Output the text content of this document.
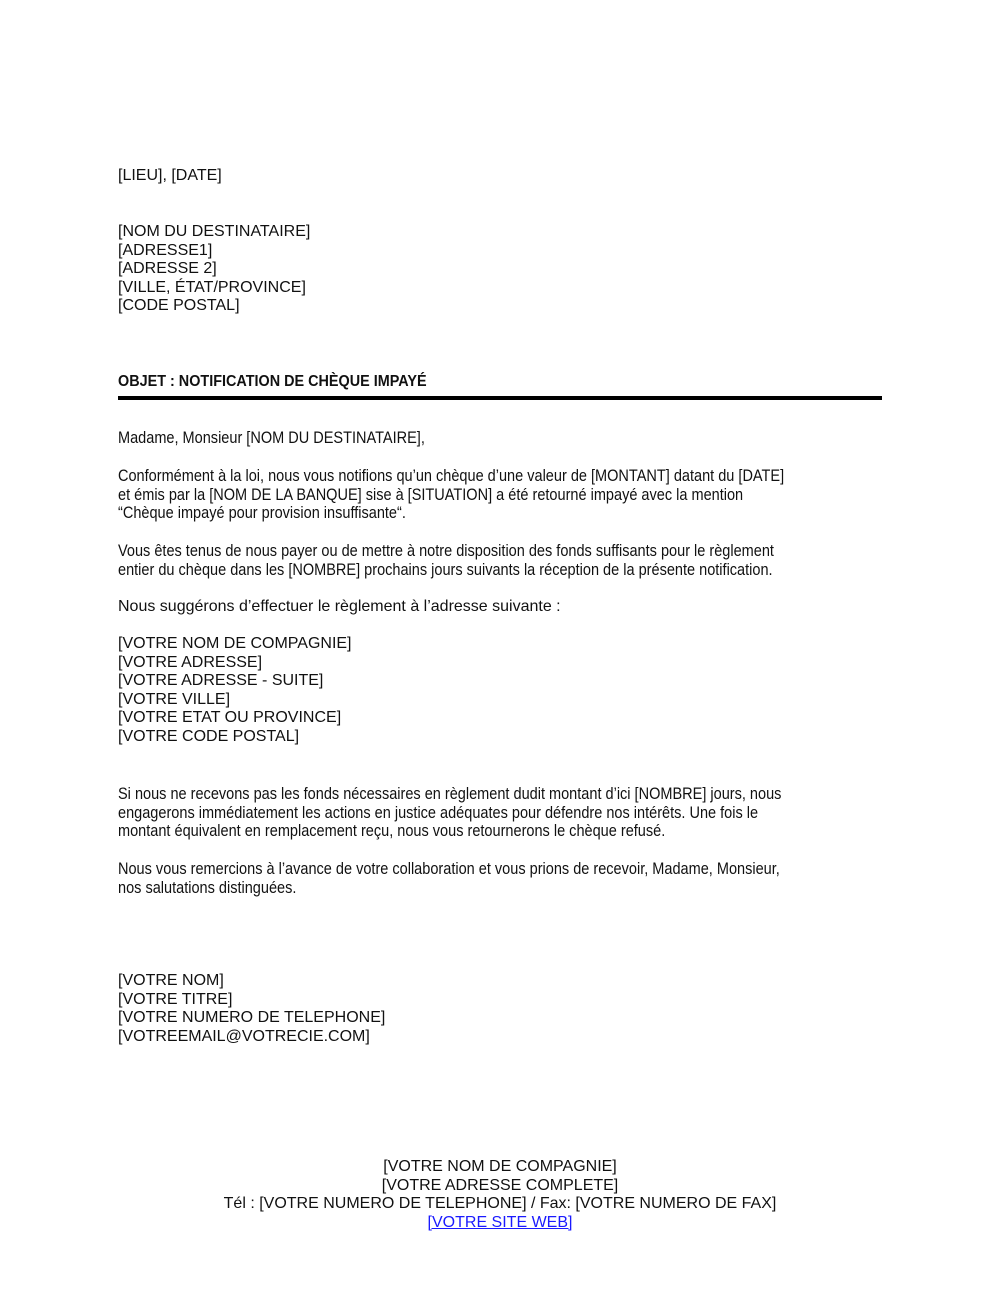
[LIEU], [DATE]
[NOM DU DESTINATAIRE]
[ADRESSE1]
[ADRESSE 2]
[VILLE, ÉTAT/PROVINCE]
[CODE POSTAL]
OBJET : NOTIFICATION DE CHÈQUE IMPAYÉ
Madame, Monsieur [NOM DU DESTINATAIRE],
Conformément à la loi, nous vous notifions qu’un chèque d’une valeur de [MONTANT] datant du [DATE]
et émis par la [NOM DE LA BANQUE] sise à [SITUATION] a été retourné impayé avec la mention
“Chèque impayé pour provision insuffisante“.
Vous êtes tenus de nous payer ou de mettre à notre disposition des fonds suffisants pour le règlement
entier du chèque dans les [NOMBRE] prochains jours suivants la réception de la présente notification.
Nous suggérons d’effectuer le règlement à l’adresse suivante :
[VOTRE NOM DE COMPAGNIE]
[VOTRE ADRESSE]
[VOTRE ADRESSE - SUITE]
[VOTRE VILLE]
[VOTRE ETAT OU PROVINCE]
[VOTRE CODE POSTAL]
Si nous ne recevons pas les fonds nécessaires en règlement dudit montant d’ici [NOMBRE] jours, nous
engagerons immédiatement les actions en justice adéquates pour défendre nos intérêts. Une fois le
montant équivalent en remplacement reçu, nous vous retournerons le chèque refusé.
Nous vous remercions à l’avance de votre collaboration et vous prions de recevoir, Madame, Monsieur,
nos salutations distinguées.
[VOTRE NOM]
[VOTRE TITRE]
[VOTRE NUMERO DE TELEPHONE]
[VOTREEMAIL@VOTRECIE.COM]
[VOTRE NOM DE COMPAGNIE]
[VOTRE ADRESSE COMPLETE]
Tél : [VOTRE NUMERO DE TELEPHONE] / Fax: [VOTRE NUMERO DE FAX]
[VOTRE SITE WEB]
